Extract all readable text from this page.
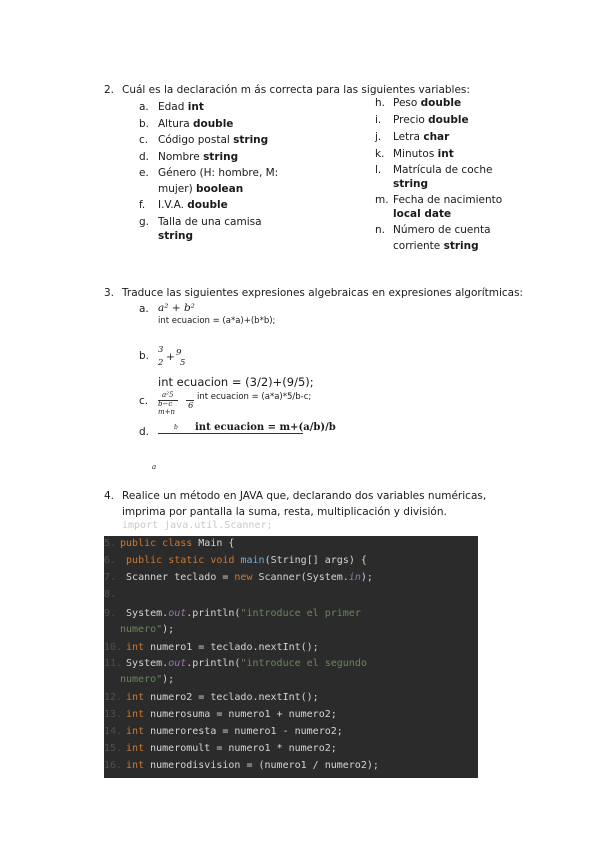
2. Cuál es la declaración m ás correcta para las siguientes variables:
a. Edad int
b. Altura double
c. Código postal string
d. Nombre string
e. Género (H: hombre, M:
mujer) boolean
f. I.V.A. double
g. Talla de una camisa
string
h. Peso double
i. Precio double
j. Letra char
k. Minutos int
l. Matrícula de coche
string
m. Fecha de nacimiento
local date
n. Número de cuenta
corriente string
3. Traduce las siguientes expresiones algebraicas en expresiones algorítmicas:
a. a² + b²
int ecuacion = (a*a)+(b*b);
b. 3
2 + 9
5
int ecuacion = (3/2)+(9/5);
c. a²5
b−c
m+n
6
int ecuacion = (a*a)*5/b-c;
d.	b int ecuacion = m+(a/b)/b
a
4. Realice un método en JAVA que, declarando dos variables numéricas,
imprima por pantalla la suma, resta, multiplicación y división.
import java.util.Scanner;
5. public class Main {
6. public static void main(String[] args) {
7. Scanner teclado = new Scanner(System.in);
8.
9. System.out.println("introduce el primer
numero");
10. int numero1 = teclado.nextInt();
11. System.out.println("introduce el segundo
numero");
12. int numero2 = teclado.nextInt();
13. int numerosuma = numero1 + numero2;
14. int numeroresta = numero1 - numero2;
15. int numeromult = numero1 * numero2;
16. int numerodisvision = (numero1 / numero2);
